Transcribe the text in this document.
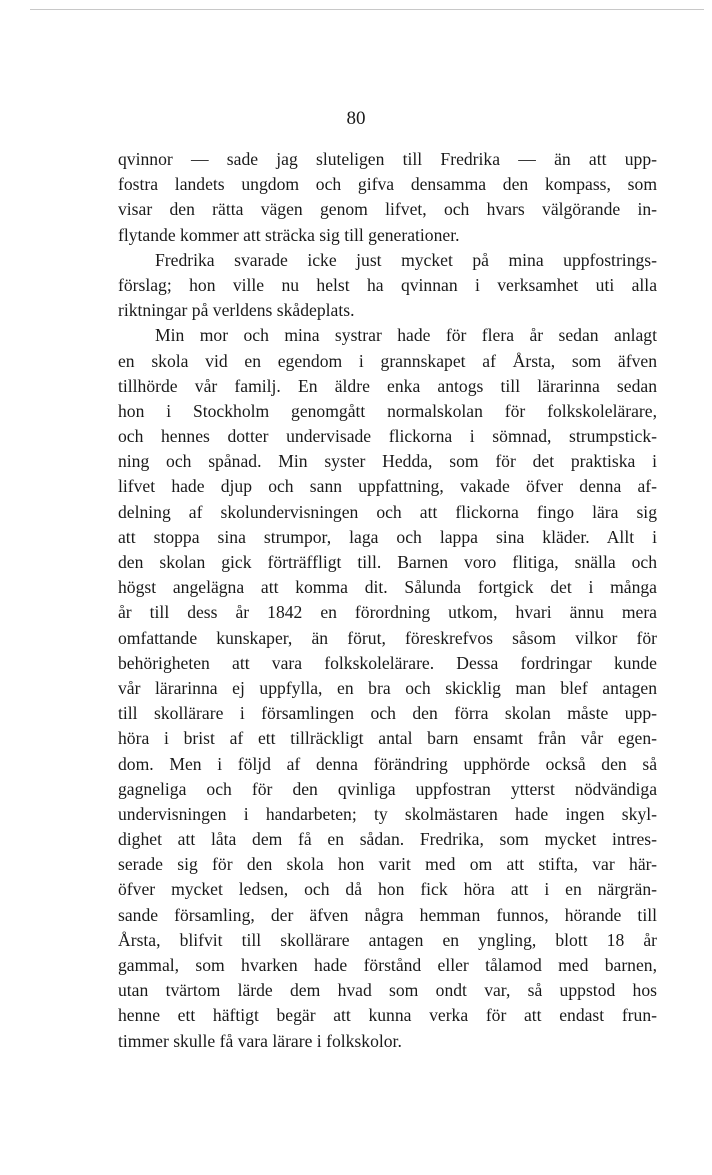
80
qvinnor — sade jag sluteligen till Fredrika — än att upp-
fostra landets ungdom och gifva densamma den kompass, som
visar den rätta vägen genom lifvet, och hvars välgörande in-
flytande kommer att sträcka sig till generationer.
Fredrika svarade icke just mycket på mina uppfostrings-
förslag; hon ville nu helst ha qvinnan i verksamhet uti alla
riktningar på verldens skådeplats.
Min mor och mina systrar hade för flera år sedan anlagt
en skola vid en egendom i grannskapet af Årsta, som äfven
tillhörde vår familj. En äldre enka antogs till lärarinna sedan
hon i Stockholm genomgått normalskolan för folkskolelärare,
och hennes dotter undervisade flickorna i sömnad, strumpstick-
ning och spånad. Min syster Hedda, som för det praktiska i
lifvet hade djup och sann uppfattning, vakade öfver denna af-
delning af skolundervisningen och att flickorna fingo lära sig
att stoppa sina strumpor, laga och lappa sina kläder. Allt i
den skolan gick förträffligt till. Barnen voro flitiga, snälla och
högst angelägna att komma dit. Sålunda fortgick det i många
år till dess år 1842 en förordning utkom, hvari ännu mera
omfattande kunskaper, än förut, föreskrefvos såsom vilkor för
behörigheten att vara folkskolelärare. Dessa fordringar kunde
vår lärarinna ej uppfylla, en bra och skicklig man blef antagen
till skollärare i församlingen och den förra skolan måste upp-
höra i brist af ett tillräckligt antal barn ensamt från vår egen-
dom. Men i följd af denna förändring upphörde också den så
gagneliga och för den qvinliga uppfostran ytterst nödvändiga
undervisningen i handarbeten; ty skolmästaren hade ingen skyl-
dighet att låta dem få en sådan. Fredrika, som mycket intres-
serade sig för den skola hon varit med om att stifta, var här-
öfver mycket ledsen, och då hon fick höra att i en närgrän-
sande församling, der äfven några hemman funnos, hörande till
Årsta, blifvit till skollärare antagen en yngling, blott 18 år
gammal, som hvarken hade förstånd eller tålamod med barnen,
utan tvärtom lärde dem hvad som ondt var, så uppstod hos
henne ett häftigt begär att kunna verka för att endast frun-
timmer skulle få vara lärare i folkskolor.
